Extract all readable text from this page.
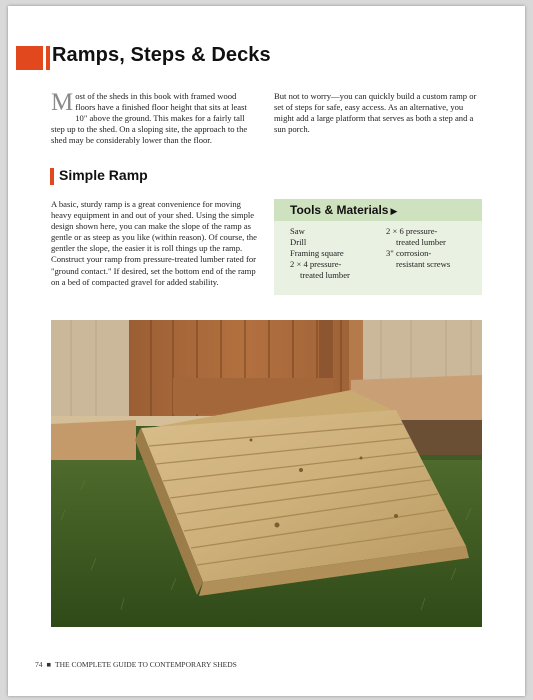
Ramps, Steps & Decks
Most of the sheds in this book with framed wood floors have a finished floor height that sits at least 10" above the ground. This makes for a fairly tall step up to the shed. On a sloping site, the approach to the shed may be considerably lower than the floor.
But not to worry—you can quickly build a custom ramp or set of steps for safe, easy access. As an alternative, you might add a large platform that serves as both a step and a sun porch.
Simple Ramp
A basic, sturdy ramp is a great convenience for moving heavy equipment in and out of your shed. Using the simple design shown here, you can make the slope of the ramp as gentle or as steep as you like (within reason). Of course, the gentler the slope, the easier it is roll things up the ramp. Construct your ramp from pressure-treated lumber rated for "ground contact." If desired, set the bottom end of the ramp on a bed of compacted gravel for added stability.
Tools & Materials ▶
Saw
Drill
Framing square
2 × 4 pressure-
treated lumber
2 × 6 pressure-
treated lumber
3" corrosion-
resistant screws
74 ■ THE COMPLETE GUIDE TO CONTEMPORARY SHEDS
